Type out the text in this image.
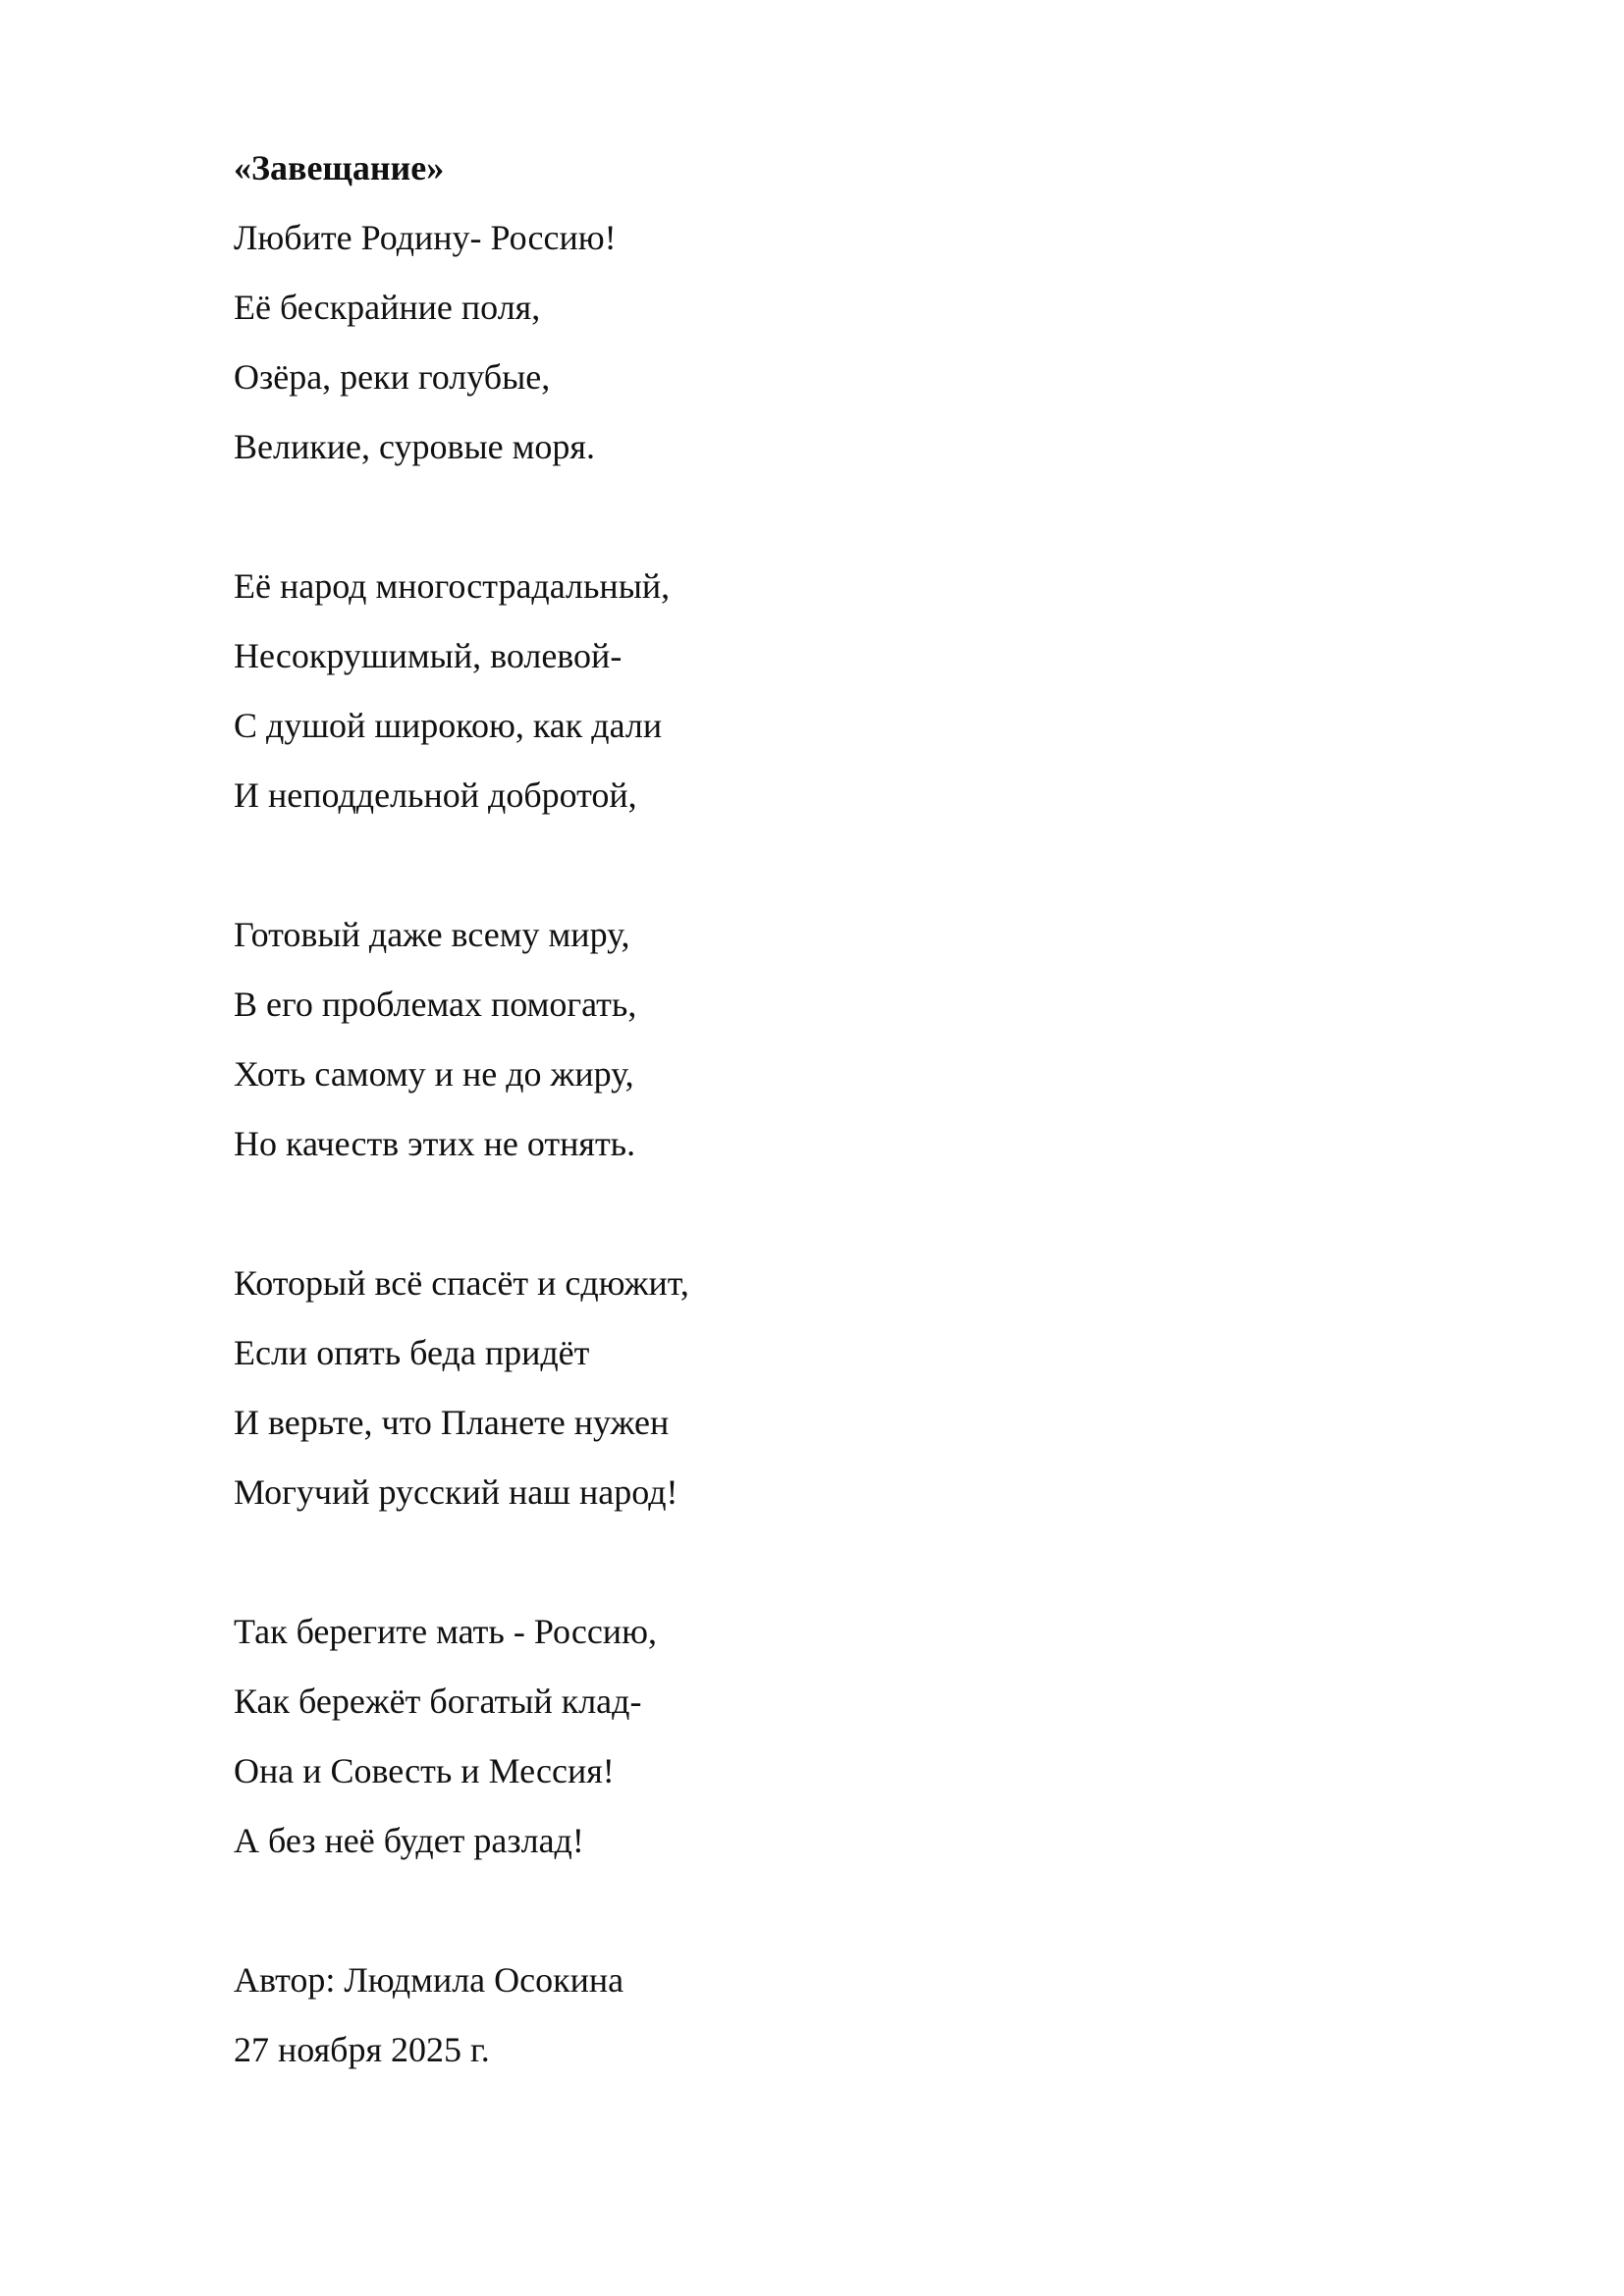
«Завещание»
Любите Родину- Россию!
Её бескрайние поля,
Озёра, реки голубые,
Великие, суровые моря.
Её народ многострадальный,
Несокрушимый, волевой-
С душой широкою, как дали
И неподдельной добротой,
Готовый даже всему миру,
В его проблемах помогать,
Хоть самому и не до жиру,
Но качеств этих не отнять.
Который всё спасёт и сдюжит,
Если опять беда придёт
И верьте, что Планете нужен
Могучий русский наш народ!
Так берегите мать - Россию,
Как бережёт богатый клад-
Она и Совесть и Мессия!
А без неё будет разлад!
Автор: Людмила Осокина
27 ноября 2025 г.
